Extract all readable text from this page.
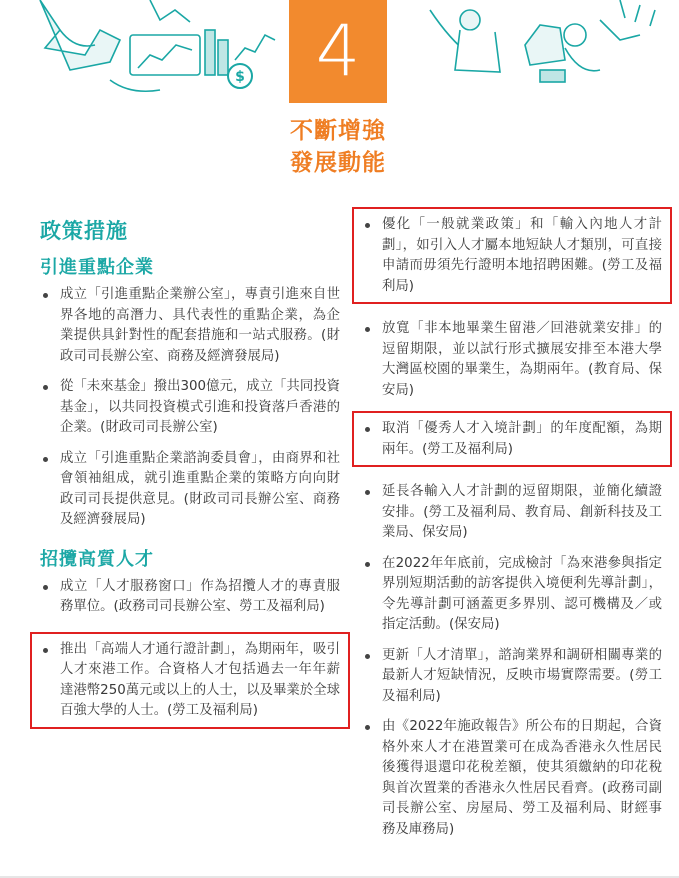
$	4
不斷增強
發展動能
政策措施
引進重點企業
成立「引進重點企業辦公室」，專責引進來自世界各地的高潛力、具代表性的重點企業，為企業提供具針對性的配套措施和一站式服務。(財政司司長辦公室、商務及經濟發展局)
從「未來基金」撥出300億元，成立「共同投資基金」，以共同投資模式引進和投資落戶香港的企業。(財政司司長辦公室)
成立「引進重點企業諮詢委員會」，由商界和社會領袖組成，就引進重點企業的策略方向向財政司司長提供意見。(財政司司長辦公室、商務及經濟發展局)
招攬高質人才
成立「人才服務窗口」作為招攬人才的專責服務單位。(政務司司長辦公室、勞工及福利局)
推出「高端人才通行證計劃」，為期兩年，吸引人才來港工作。合資格人才包括過去一年年薪達港幣250萬元或以上的人士，以及畢業於全球百強大學的人士。(勞工及福利局)
優化「一般就業政策」和「輸入內地人才計劃」，如引入人才屬本地短缺人才類別，可直接申請而毋須先行證明本地招聘困難。(勞工及福利局)
放寬「非本地畢業生留港／回港就業安排」的逗留期限，並以試行形式擴展安排至本港大學大灣區校園的畢業生，為期兩年。(教育局、保安局)
取消「優秀人才入境計劃」的年度配額，為期兩年。(勞工及福利局)
延長各輸入人才計劃的逗留期限，並簡化續證安排。(勞工及福利局、教育局、創新科技及工業局、保安局)
在2022年年底前，完成檢討「為來港參與指定界別短期活動的訪客提供入境便利先導計劃」，令先導計劃可涵蓋更多界別、認可機構及／或指定活動。(保安局)
更新「人才清單」，諮詢業界和調研相關專業的最新人才短缺情況，反映市場實際需要。(勞工及福利局)
由《2022年施政報告》所公布的日期起，合資格外來人才在港置業可在成為香港永久性居民後獲得退還印花稅差額，使其須繳納的印花稅與首次置業的香港永久性居民看齊。(政務司副司長辦公室、房屋局、勞工及福利局、財經事務及庫務局)
